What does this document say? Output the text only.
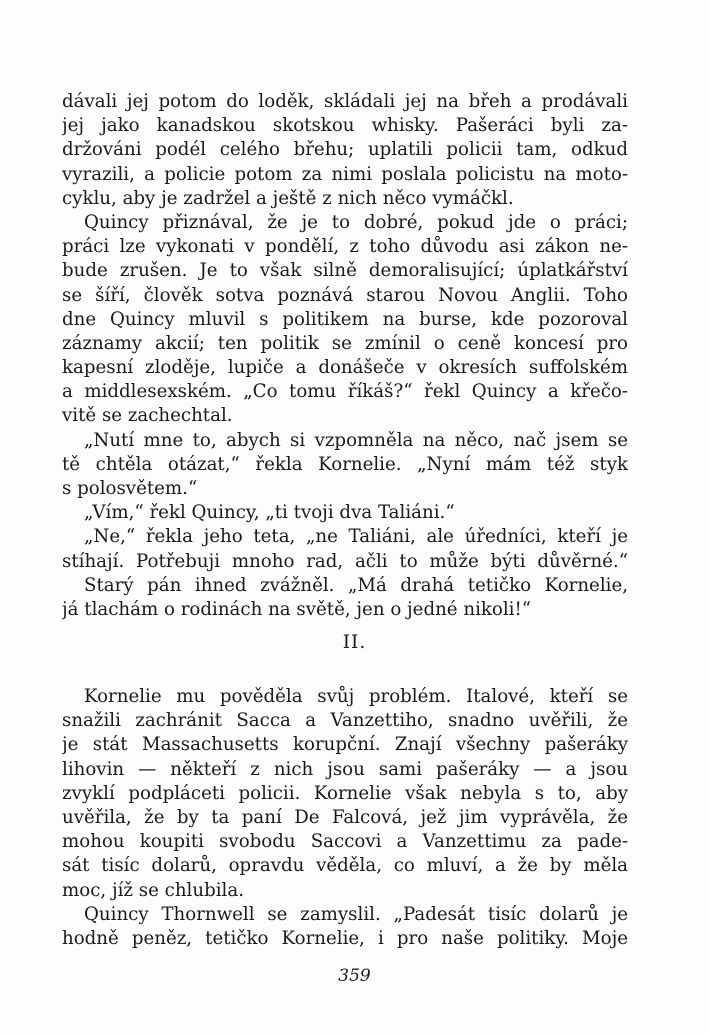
dávali jej potom do loděk, skládali jej na břeh a prodávali
jej jako kanadskou skotskou whisky. Pašeráci byli za-
držováni podél celého břehu; uplatili policii tam, odkud
vyrazili, a policie potom za nimi poslala policistu na moto-
cyklu, aby je zadržel a ještě z nich něco vymáčkl.
Quincy přiznával, že je to dobré, pokud jde o práci;
práci lze vykonati v pondělí, z toho důvodu asi zákon ne-
bude zrušen. Je to však silně demoralisující; úplatkářství
se šíří, člověk sotva poznává starou Novou Anglii. Toho
dne Quincy mluvil s politikem na burse, kde pozoroval
záznamy akcií; ten politik se zmínil o ceně koncesí pro
kapesní zloděje, lupiče a donášeče v okresích suffolském
a middlesexském. „Co tomu říkáš?“ řekl Quincy a křečo-
vitě se zachechtal.
„Nutí mne to, abych si vzpomněla na něco, nač jsem se
tě chtěla otázat,“ řekla Kornelie. „Nyní mám též styk
s polosvětem.“
„Vím,“ řekl Quincy, „ti tvoji dva Taliáni.“
„Ne,“ řekla jeho teta, „ne Taliáni, ale úředníci, kteří je
stíhají. Potřebuji mnoho rad, ačli to může býti důvěrné.“
Starý pán ihned zvážněl. „Má drahá tetičko Kornelie,
já tlachám o rodinách na světě, jen o jedné nikoli!“
II.
Kornelie mu pověděla svůj problém. Italové, kteří se
snažili zachránit Sacca a Vanzettiho, snadno uvěřili, že
je stát Massachusetts korupční. Znají všechny pašeráky
lihovin — někteří z nich jsou sami pašeráky — a jsou
zvyklí podpláceti policii. Kornelie však nebyla s to, aby
uvěřila, že by ta paní De Falcová, jež jim vyprávěla, že
mohou koupiti svobodu Saccovi a Vanzettimu za pade-
sát tisíc dolarů, opravdu věděla, co mluví, a že by měla
moc, jíž se chlubila.
Quincy Thornwell se zamyslil. „Padesát tisíc dolarů je
hodně peněz, tetičko Kornelie, i pro naše politiky. Moje
359
